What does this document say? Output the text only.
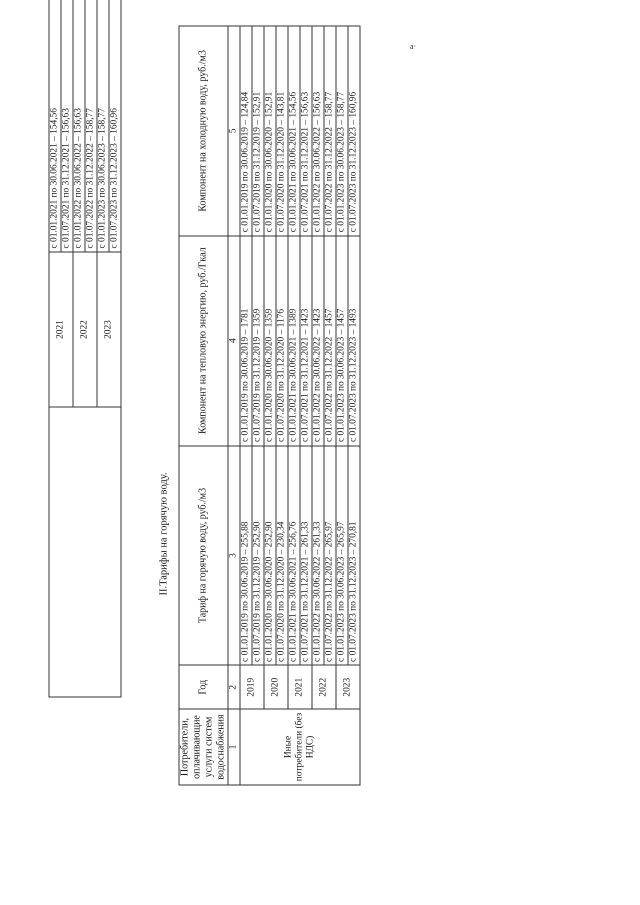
a·
	2021	с 01.01.2021 по 30.06.2021 – 154,56
		с 01.07.2021 по 31.12.2021 – 156,63
	2022	с 01.01.2022 по 30.06.2022 – 156,63
		с 01.07.2022 по 31.12.2022 – 158,77
	2023	с 01.01.2023 по 30.06.2023 – 158,77
		с 01.07.2023 по 31.12.2023 – 160,96
II.Тарифы на горячую воду.
Потребители, оплачивающие услуги систем водоснабжения	Год	Тариф на горячую воду, руб./м3	Компонент на тепловую энергию, руб./Гкал	Компонент на холодную воду, руб./м3
1	2	3	4	5
Иные потребители (без НДС)	2019	с 01.01.2019 по 30.06.2019 – 255,88	с 01.01.2019 по 30.06.2019 – 1781	с 01.01.2019 по 30.06.2019 – 124,84
		с 01.07.2019 по 31.12.2019 – 252,90	с 01.07.2019 по 31.12.2019 – 1359	с 01.07.2019 по 31.12.2019 – 152,91
	2020	с 01.01.2020 по 30.06.2020 – 252,90	с 01.01.2020 по 30.06.2020 – 1359	с 01.01.2020 по 30.06.2020 – 152,91
		с 01.07.2020 по 31.12.2020 – 230,34	с 01.07.2020 по 31.12.2020 – 1176	с 01.07.2020 по 31.12.2020 – 143,81
	2021	с 01.01.2021 по 30.06.2021 – 256,76	с 01.01.2021 по 30.06.2021 – 1389	с 01.01.2021 по 30.06.2021 – 154,56
		с 01.07.2021 по 31.12.2021 – 261,33	с 01.07.2021 по 31.12.2021 – 1423	с 01.07.2021 по 31.12.2021 – 156,63
	2022	с 01.01.2022 по 30.06.2022 – 261,33	с 01.01.2022 по 30.06.2022 – 1423	с 01.01.2022 по 30.06.2022 – 156,63
		с 01.07.2022 по 31.12.2022 – 265,97	с 01.07.2022 по 31.12.2022 – 1457	с 01.07.2022 по 31.12.2022 – 158,77
	2023	с 01.01.2023 по 30.06.2023 – 265,97	с 01.01.2023 по 30.06.2023 – 1457	с 01.01.2023 по 30.06.2023 – 158,77
		с 01.07.2023 по 31.12.2023 – 270,81	с 01.07.2023 по 31.12.2023 – 1493	с 01.07.2023 по 31.12.2023 – 160,96
